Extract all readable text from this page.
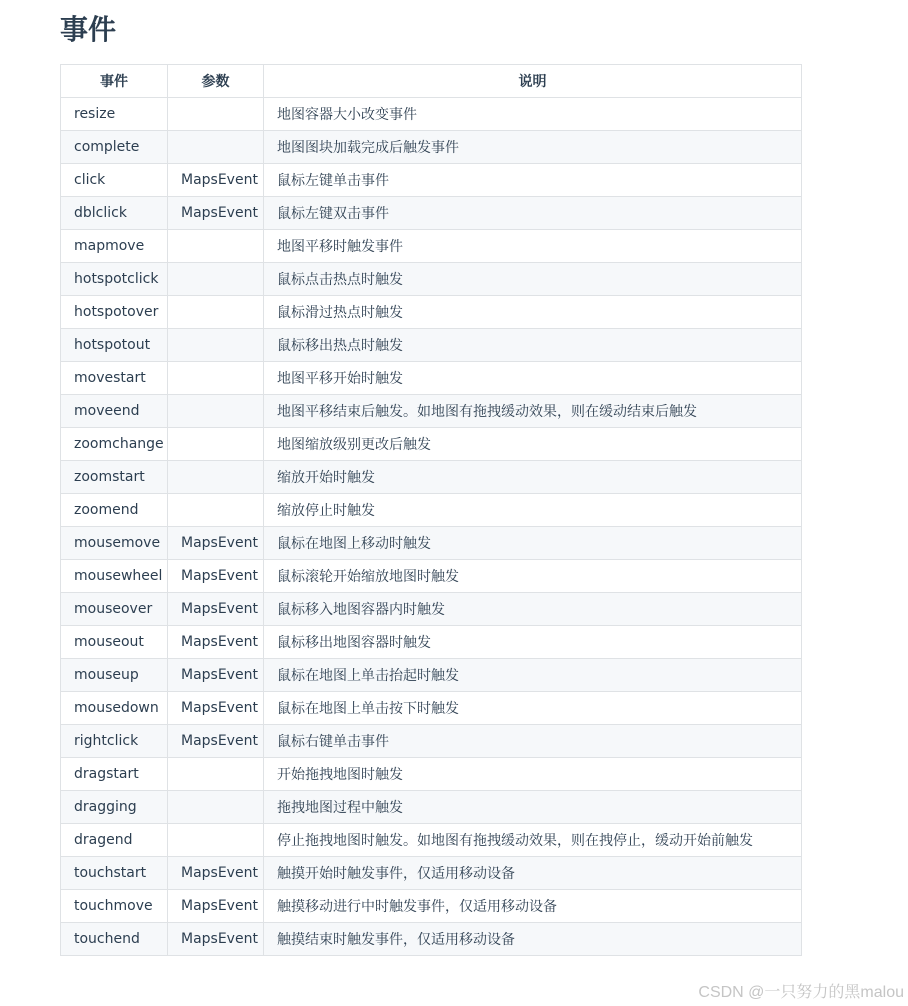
事件
事件	参数	说明
resize		地图容器大小改变事件
complete		地图图块加载完成后触发事件
click	MapsEvent	鼠标左键单击事件
dblclick	MapsEvent	鼠标左键双击事件
mapmove		地图平移时触发事件
hotspotclick		鼠标点击热点时触发
hotspotover		鼠标滑过热点时触发
hotspotout		鼠标移出热点时触发
movestart		地图平移开始时触发
moveend		地图平移结束后触发。如地图有拖拽缓动效果，则在缓动结束后触发
zoomchange		地图缩放级别更改后触发
zoomstart		缩放开始时触发
zoomend		缩放停止时触发
mousemove	MapsEvent	鼠标在地图上移动时触发
mousewheel	MapsEvent	鼠标滚轮开始缩放地图时触发
mouseover	MapsEvent	鼠标移入地图容器内时触发
mouseout	MapsEvent	鼠标移出地图容器时触发
mouseup	MapsEvent	鼠标在地图上单击抬起时触发
mousedown	MapsEvent	鼠标在地图上单击按下时触发
rightclick	MapsEvent	鼠标右键单击事件
dragstart		开始拖拽地图时触发
dragging		拖拽地图过程中触发
dragend		停止拖拽地图时触发。如地图有拖拽缓动效果，则在拽停止，缓动开始前触发
touchstart	MapsEvent	触摸开始时触发事件，仅适用移动设备
touchmove	MapsEvent	触摸移动进行中时触发事件，仅适用移动设备
touchend	MapsEvent	触摸结束时触发事件，仅适用移动设备
CSDN @一只努力的黑malou
